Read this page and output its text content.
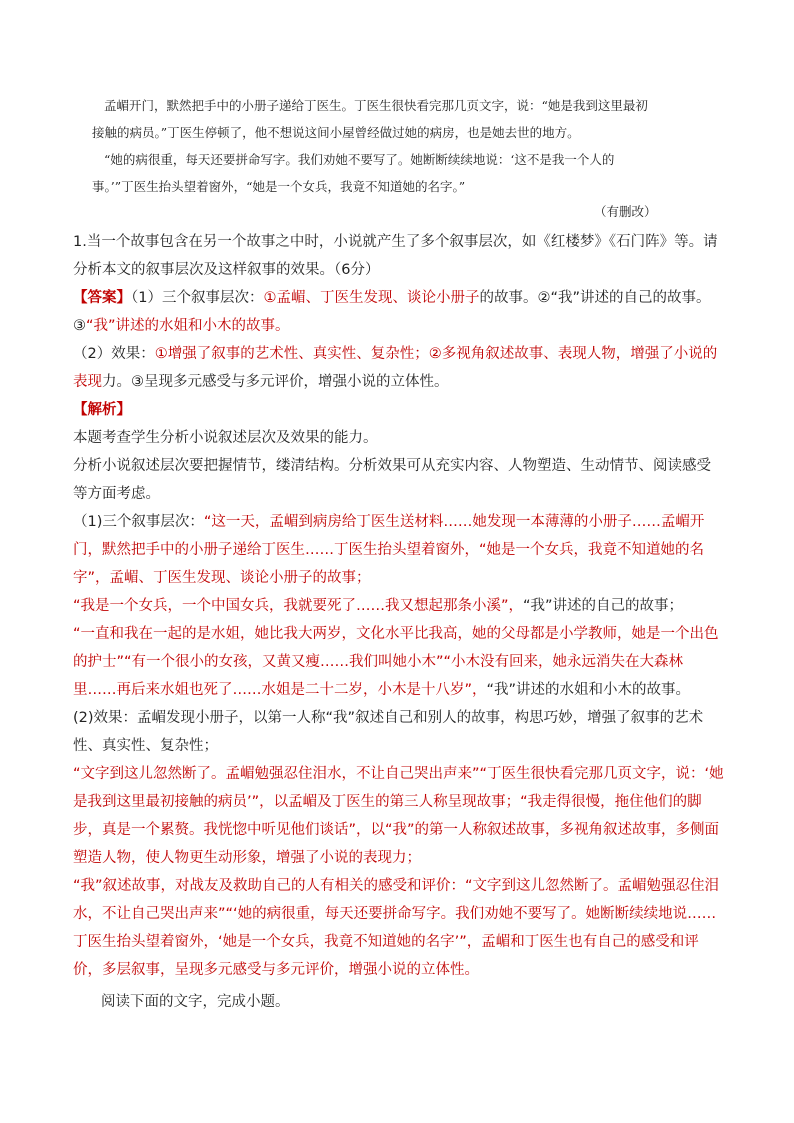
孟嵋开门，默然把手中的小册子递给丁医生。丁医生很快看完那几页文字，说：“她是我到这里最初

接触的病员。”丁医生停顿了，他不想说这间小屋曾经做过她的病房，也是她去世的地方。

“她的病很重，每天还要拼命写字。我们劝她不要写了。她断断续续地说：‘这不是我一个人的

事。’”丁医生抬头望着窗外，“她是一个女兵，我竟不知道她的名字。”

（有删改）

1.当一个故事包含在另一个故事之中时，小说就产生了多个叙事层次，如《红楼梦》《石门阵》等。请分析本文的叙事层次及这样叙事的效果。（6分）

【答案】（1）三个叙事层次：①孟嵋、丁医生发现、谈论小册子的故事。②“我”讲述的自己的故事。③“我”讲述的水姐和小木的故事。

（2）效果：①增强了叙事的艺术性、真实性、复杂性；②多视角叙述故事、表现人物，增强了小说的表现力。③呈现多元感受与多元评价，增强小说的立体性。

【解析】

本题考查学生分析小说叙述层次及效果的能力。

分析小说叙述层次要把握情节，缕清结构。分析效果可从充实内容、人物塑造、生动情节、阅读感受等方面考虑。

（1)三个叙事层次：“这一天，孟嵋到病房给丁医生送材料……她发现一本薄薄的小册子……孟嵋开门，默然把手中的小册子递给丁医生……丁医生抬头望着窗外，“她是一个女兵，我竟不知道她的名字”，孟嵋、丁医生发现、谈论小册子的故事；

“我是一个女兵，一个中国女兵，我就要死了……我又想起那条小溪”，“我”讲述的自己的故事；

“一直和我在一起的是水姐，她比我大两岁，文化水平比我高，她的父母都是小学教师，她是一个出色的护士”“有一个很小的女孩，又黄又瘦……我们叫她小木”“小木没有回来，她永远消失在大森林里……再后来水姐也死了……水姐是二十二岁，小木是十八岁”，“我”讲述的水姐和小木的故事。

(2)效果：孟嵋发现小册子，以第一人称“我”叙述自己和别人的故事，构思巧妙，增强了叙事的艺术性、真实性、复杂性；

“文字到这儿忽然断了。孟嵋勉强忍住泪水，不让自己哭出声来”“丁医生很快看完那几页文字，说：‘她是我到这里最初接触的病员’”，以孟嵋及丁医生的第三人称呈现故事；“我走得很慢，拖住他们的脚步，真是一个累赘。我恍惚中听见他们谈话”，以“我”的第一人称叙述故事，多视角叙述故事，多侧面塑造人物，使人物更生动形象，增强了小说的表现力；

“我”叙述故事，对战友及救助自己的人有相关的感受和评价：“文字到这儿忽然断了。孟嵋勉强忍住泪水，不让自己哭出声来”“‘她的病很重，每天还要拼命写字。我们劝她不要写了。她断断续续地说……丁医生抬头望着窗外，‘她是一个女兵，我竟不知道她的名字’”，孟嵋和丁医生也有自己的感受和评价，多层叙事，呈现多元感受与多元评价，增强小说的立体性。

阅读下面的文字，完成小题。
